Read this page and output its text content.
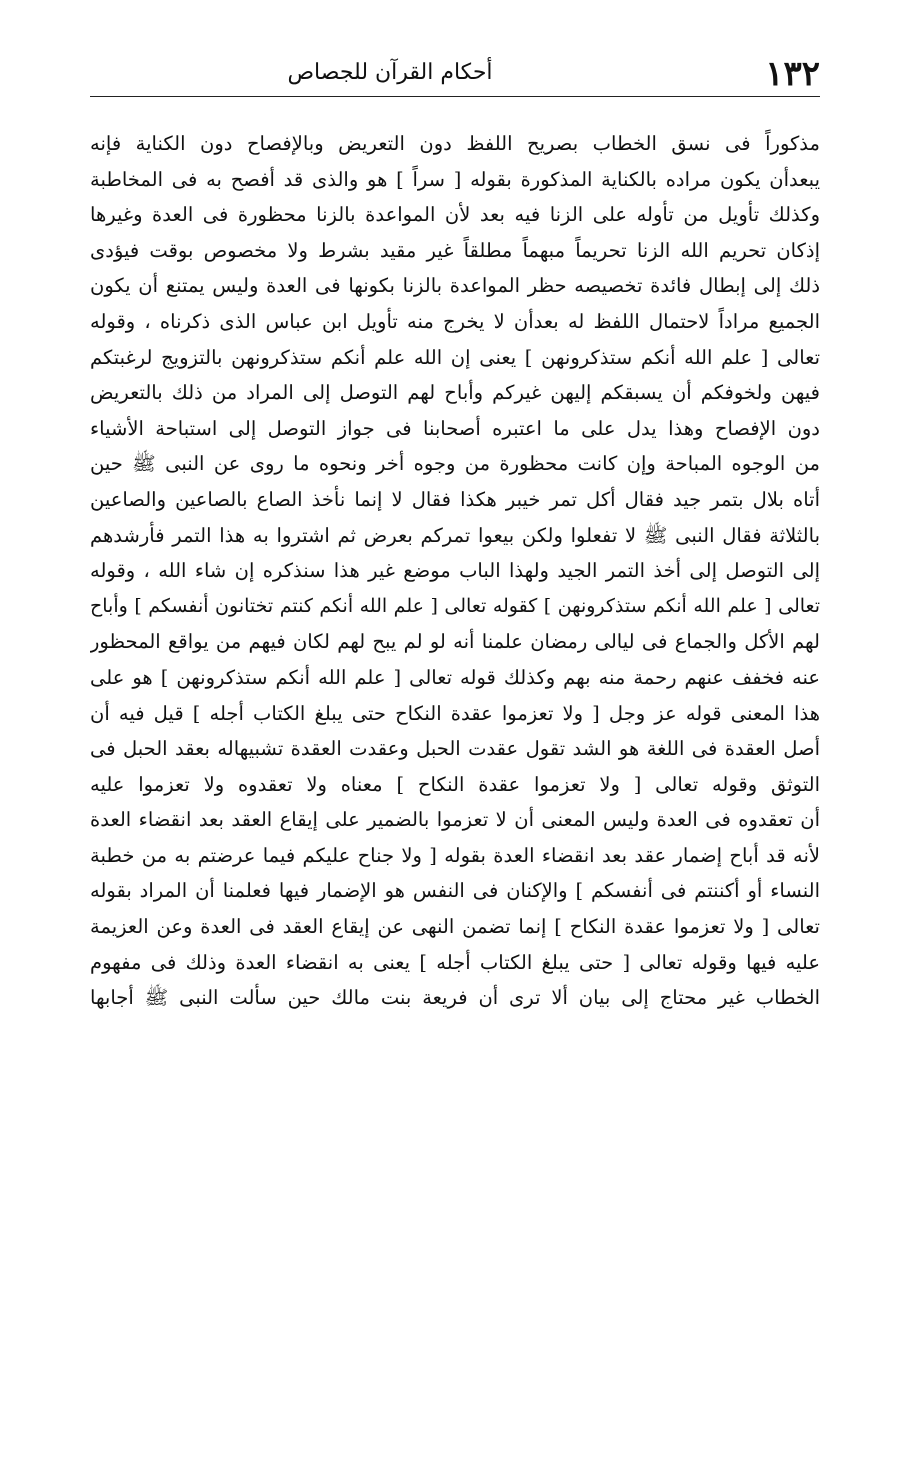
١٣٢
أحكام القرآن للجصاص
مذكوراً فى نسق الخطاب بصريح اللفظ دون التعريض وبالإفصاح دون الكناية فإنه
يبعدأن يكون مراده بالكناية المذكورة بقوله [ سراً ] هو والذى قد أفصح به فى المخاطبة
وكذلك تأويل من تأوله على الزنا فيه بعد لأن المواعدة بالزنا محظورة فى العدة وغيرها
إذكان تحريم الله الزنا تحريماً مبهماً مطلقاً غير مقيد بشرط ولا مخصوص بوقت فيؤدى
ذلك إلى إبطال فائدة تخصيصه حظر المواعدة بالزنا بكونها فى العدة وليس يمتنع أن يكون
الجميع مراداً لاحتمال اللفظ له بعدأن لا يخرج منه تأويل ابن عباس الذى ذكرناه ، وقوله
تعالى [ علم الله أنكم ستذكرونهن ] يعنى إن الله علم أنكم ستذكرونهن بالتزويج لرغبتكم
فيهن ولخوفكم أن يسبقكم إليهن غيركم وأباح لهم التوصل إلى المراد من ذلك بالتعريض
دون الإفصاح وهذا يدل على ما اعتبره أصحابنا فى جواز التوصل إلى استباحة الأشياء
من الوجوه المباحة وإن كانت محظورة من وجوه أخر ونحوه ما روى عن النبى ﷺ حين
أتاه بلال بتمر جيد فقال أكل تمر خيبر هكذا فقال لا إنما نأخذ الصاع بالصاعين والصاعين
بالثلاثة فقال النبى ﷺ لا تفعلوا ولكن بيعوا تمركم بعرض ثم اشتروا به هذا التمر فأرشدهم
إلى التوصل إلى أخذ التمر الجيد ولهذا الباب موضع غير هذا سنذكره إن شاء الله ، وقوله
تعالى [ علم الله أنكم ستذكرونهن ] كقوله تعالى [ علم الله أنكم كنتم تختانون أنفسكم ] وأباح
لهم الأكل والجماع فى ليالى رمضان علمنا أنه لو لم يبح لهم لكان فيهم من يواقع المحظور
عنه فخفف عنهم رحمة منه بهم وكذلك قوله تعالى [ علم الله أنكم ستذكرونهن ] هو على
هذا المعنى قوله عز وجل [ ولا تعزموا عقدة النكاح حتى يبلغ الكتاب أجله ] قيل فيه أن
أصل العقدة فى اللغة هو الشد تقول عقدت الحبل وعقدت العقدة تشبيهاله بعقد الحبل فى
التوثق وقوله تعالى [ ولا تعزموا عقدة النكاح ] معناه ولا تعقدوه ولا تعزموا عليه
أن تعقدوه فى العدة وليس المعنى أن لا تعزموا بالضمير على إيقاع العقد بعد انقضاء العدة
لأنه قد أباح إضمار عقد بعد انقضاء العدة بقوله [ ولا جناح عليكم فيما عرضتم به من خطبة
النساء أو أكننتم فى أنفسكم ] والإكنان فى النفس هو الإضمار فيها فعلمنا أن المراد بقوله
تعالى [ ولا تعزموا عقدة النكاح ] إنما تضمن النهى عن إيقاع العقد فى العدة وعن العزيمة
عليه فيها وقوله تعالى [ حتى يبلغ الكتاب أجله ] يعنى به انقضاء العدة وذلك فى مفهوم
الخطاب غير محتاج إلى بيان ألا ترى أن فريعة بنت مالك حين سألت النبى ﷺ أجابها
